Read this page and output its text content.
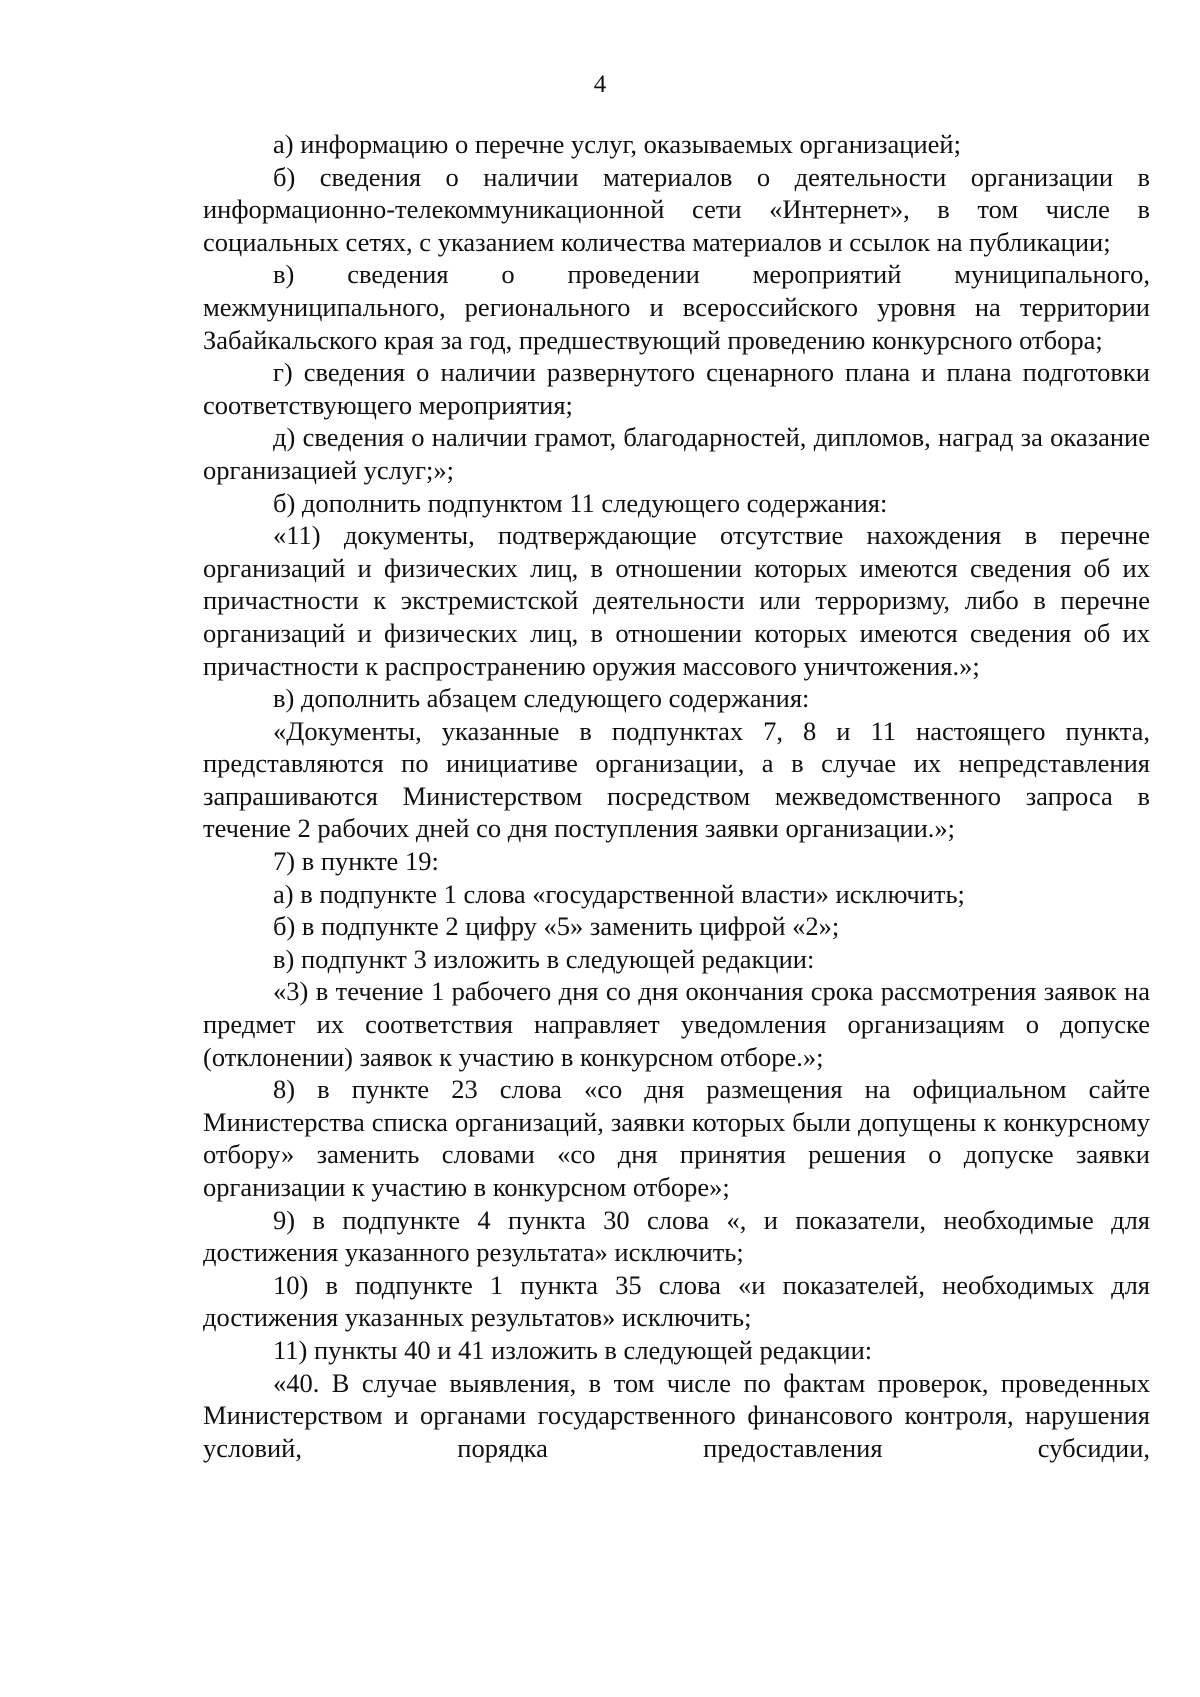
4

а) информацию о перечне услуг, оказываемых организацией;

б) сведения о наличии материалов о деятельности организации в информационно-телекоммуникационной сети «Интернет», в том числе в социальных сетях, с указанием количества материалов и ссылок на публикации;

в) сведения о проведении мероприятий муниципального, межмуниципального, регионального и всероссийского уровня на территории Забайкальского края за год, предшествующий проведению конкурсного отбора;

г) сведения о наличии развернутого сценарного плана и плана подготовки соответствующего мероприятия;

д) сведения о наличии грамот, благодарностей, дипломов, наград за оказание организацией услуг;»;

б) дополнить подпунктом 11 следующего содержания:

«11) документы, подтверждающие отсутствие нахождения в перечне организаций и физических лиц, в отношении которых имеются сведения об их причастности к экстремистской деятельности или терроризму, либо в перечне организаций и физических лиц, в отношении которых имеются сведения об их причастности к распространению оружия массового уничтожения.»;

в) дополнить абзацем следующего содержания:

«Документы, указанные в подпунктах 7, 8 и 11 настоящего пункта, представляются по инициативе организации, а в случае их непредставления запрашиваются Министерством посредством межведомственного запроса в течение 2 рабочих дней со дня поступления заявки организации.»;

7) в пункте 19:

а) в подпункте 1 слова «государственной власти» исключить;

б) в подпункте 2 цифру «5» заменить цифрой «2»;

в) подпункт 3 изложить в следующей редакции:

«3) в течение 1 рабочего дня со дня окончания срока рассмотрения заявок на предмет их соответствия направляет уведомления организациям о допуске (отклонении) заявок к участию в конкурсном отборе.»;

8) в пункте 23 слова «со дня размещения на официальном сайте Министерства списка организаций, заявки которых были допущены к конкурсному отбору» заменить словами «со дня принятия решения о допуске заявки организации к участию в конкурсном отборе»;

9) в подпункте 4 пункта 30 слова «, и показатели, необходимые для достижения указанного результата» исключить;

10) в подпункте 1 пункта 35 слова «и показателей, необходимых для достижения указанных результатов» исключить;

11) пункты 40 и 41 изложить в следующей редакции:

«40. В случае выявления, в том числе по фактам проверок, проведенных Министерством и органами государственного финансового контроля, нарушения условий, порядка предоставления субсидии,
